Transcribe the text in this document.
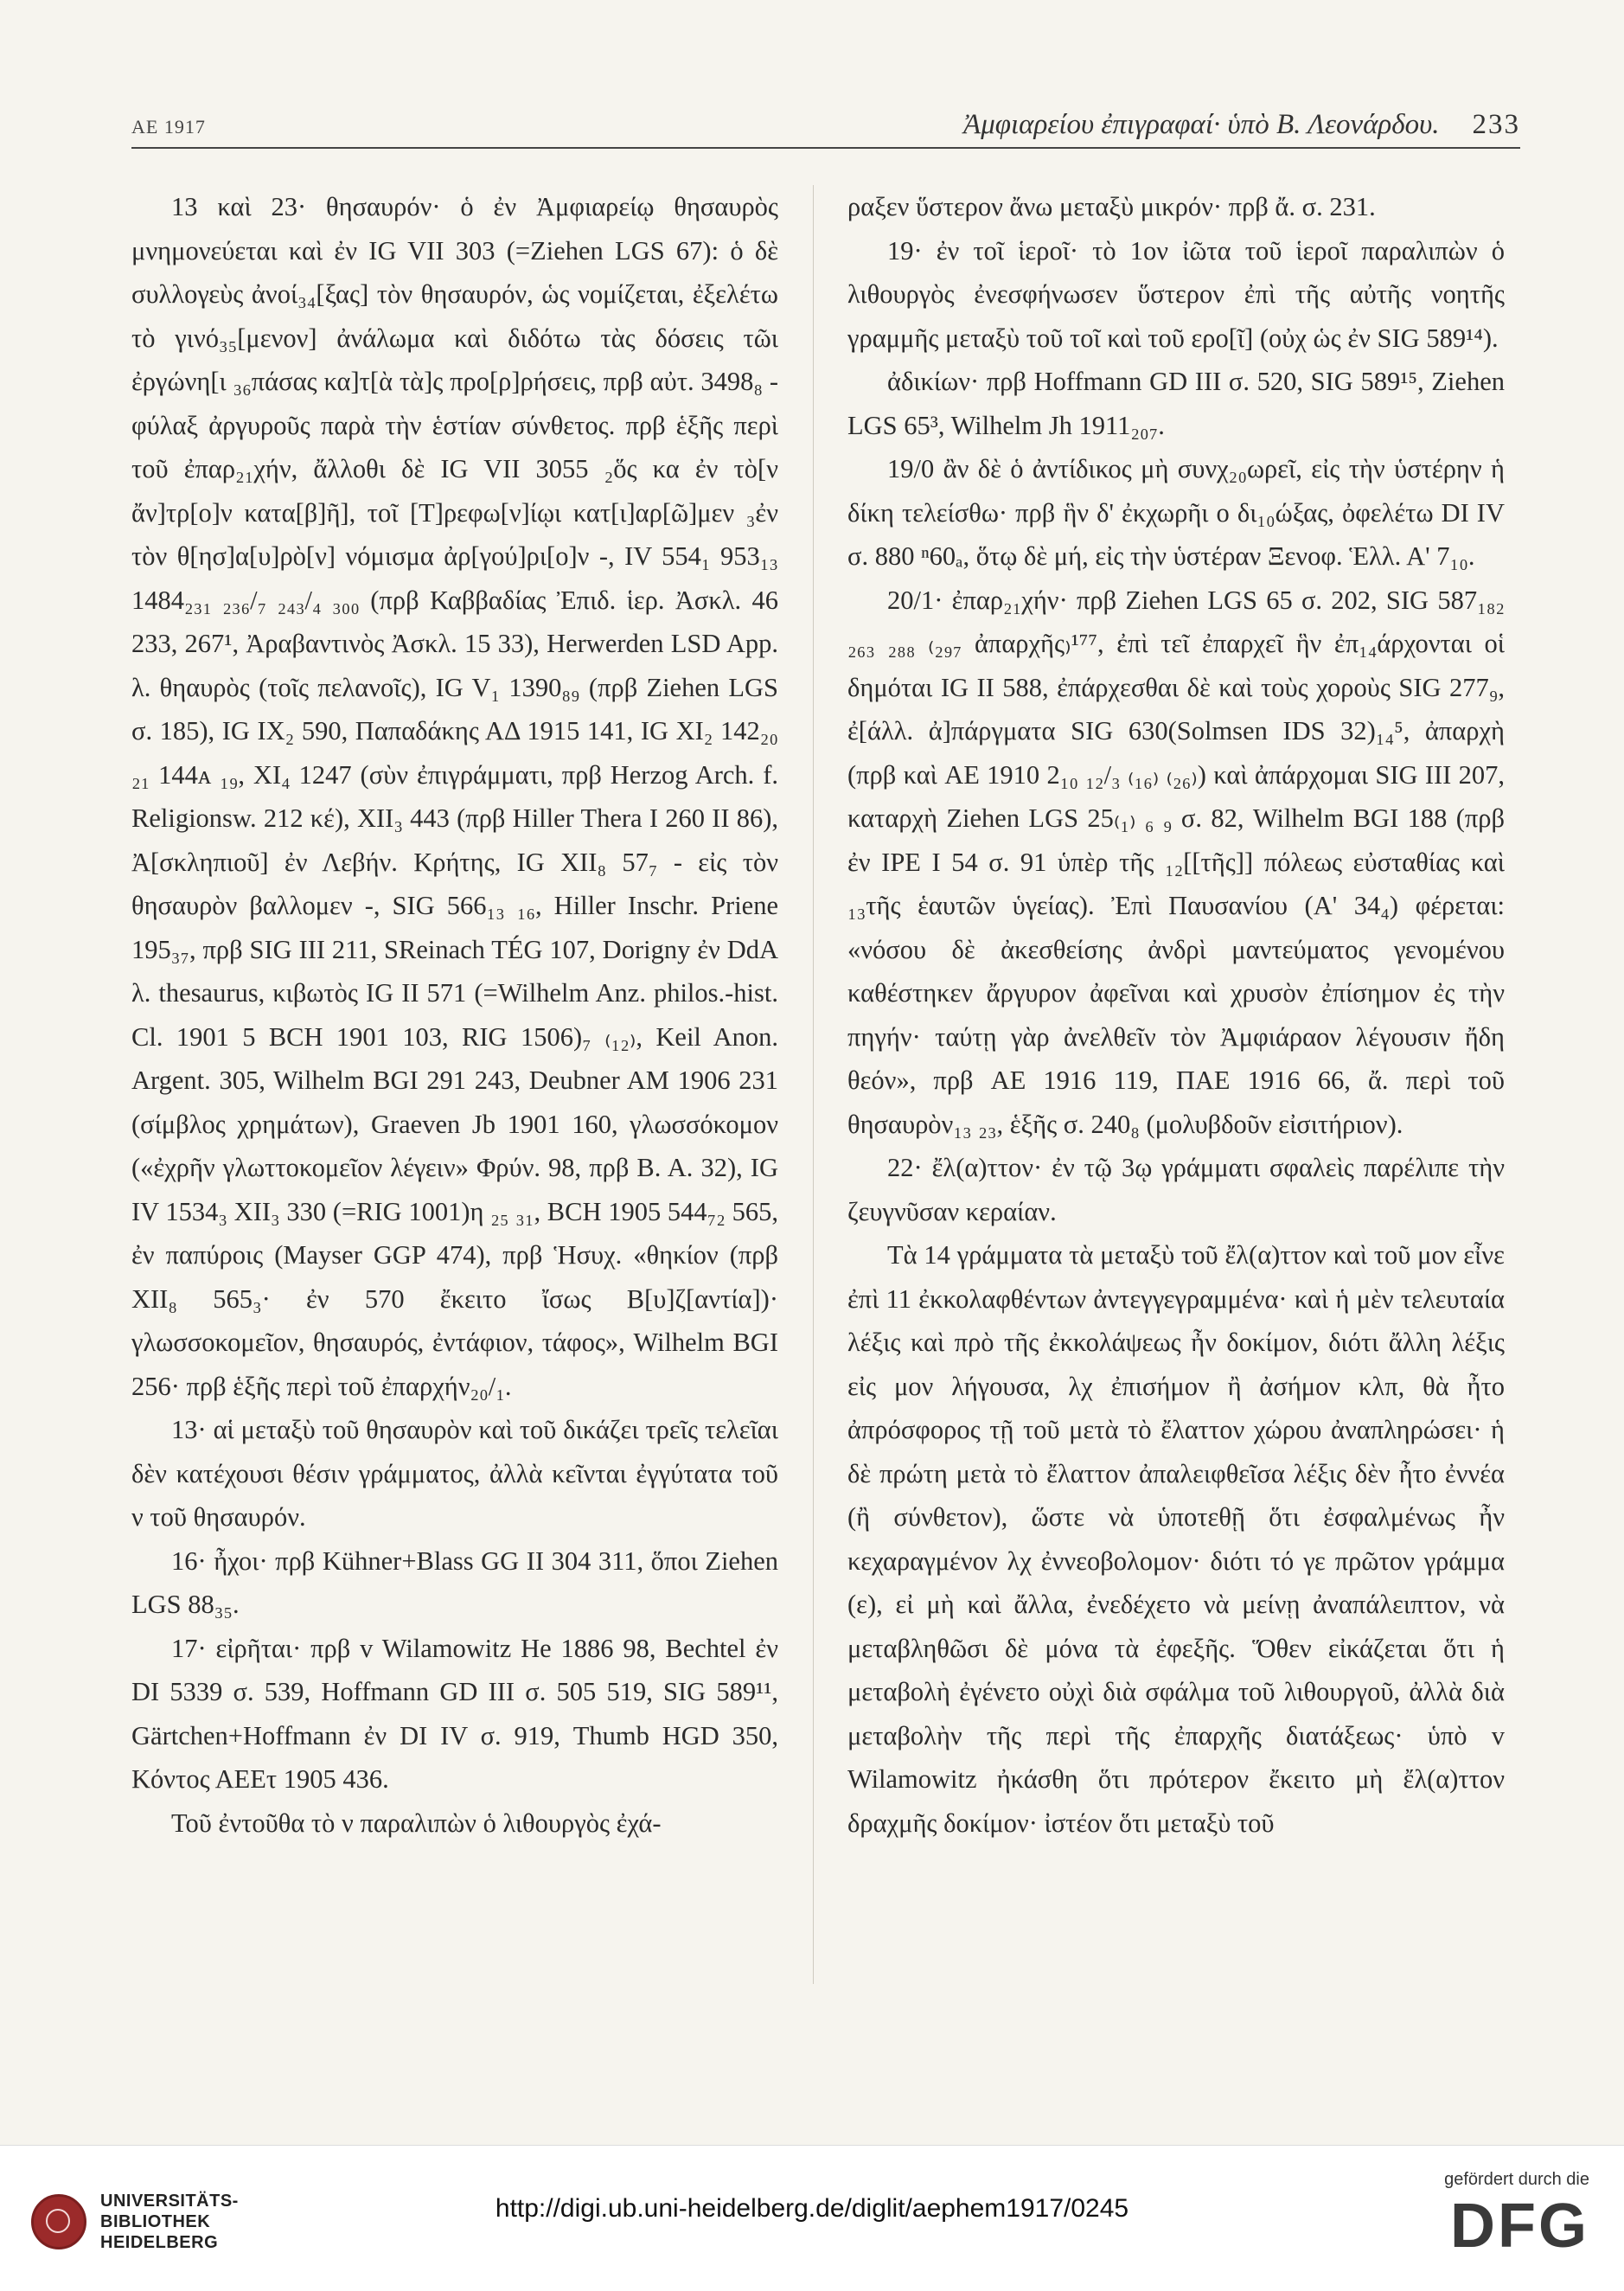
AE 1917	Ἀμφιαρείου ἐπιγραφαί· ὑπὸ Β. Λεονάρδου. 233

13 καὶ 23· θησαυρόν· ὁ ἐν Ἀμφιαρείῳ θησαυρὸς μνημονεύεται καὶ ἐν IG VII 303 (=Ziehen LGS 67): ὁ δὲ συλλογεὺς ἀνοί₃₄[ξας] τὸν θησαυρόν, ὡς νομίζεται, ἐξελέτω τὸ γινό₃₅[μενον] ἀνάλωμα καὶ διδότω τὰς δόσεις τῶι ἐργώνη[ι ₃₆πάσας κα]τ[ὰ τὰ]ς προ[ρ]ρήσεις, πρβ αὐτ. 3498₈ - φύλαξ ἀργυροῦς παρὰ τὴν ἑστίαν σύνθετος. πρβ ἑξῆς περὶ τοῦ ἐπαρ₂₁χήν, ἄλλοθι δὲ IG VII 3055 ₂ὅς κα ἐν τὸ[ν ἄν]τρ[ο]ν κατα[β]ῆ], τοῖ [Τ]ρεφω[ν]ίῳι κατ[ι]αρ[ῶ]μεν ₃ἐν τὸν θ[ησ]α[υ]ρὸ[ν] νόμισμα ἀρ[γού]ρι[ο]ν -, IV 554₁ 953₁₃ 1484₂₃₁ ₂₃₆/₇ ₂₄₃/₄ ₃₀₀ (πρβ Καββαδίας Ἐπιδ. ἱερ. Ἀσκλ. 46 233, 267¹, Ἀραβαντινὸς Ἀσκλ. 15 33), Herwerden LSD App. λ. θηαυρὸς (τοῖς πελανοῖς), IG V₁ 1390₈₉ (πρβ Ziehen LGS σ. 185), IG IX₂ 590, Παπαδάκης ΑΔ 1915 141, IG XI₂ 142₂₀ ₂₁ 144ᴀ ₁₉, XI₄ 1247 (σὺν ἐπιγράμματι, πρβ Herzog Arch. f. Religionsw. 212 κέ), XII₃ 443 (πρβ Hiller Thera I 260 II 86), Ἀ[σκληπιοῦ] ἐν Λεβήν. Κρήτης, IG XII₈ 57₇ - εἰς τὸν θησαυρὸν βαλλομεν -, SIG 566₁₃ ₁₆, Hiller Inschr. Priene 195₃₇, πρβ SIG III 211, SReinach TÉG 107, Dorigny ἐν DdA λ. thesaurus, κιβωτὸς IG II 571 (=Wilhelm Anz. philos.-hist. Cl. 1901 5 BCH 1901 103, RIG 1506)₇ ₍₁₂₎, Keil Anon. Argent. 305, Wilhelm BGI 291 243, Deubner AM 1906 231 (σίμβλος χρημάτων), Graeven Jb 1901 160, γλωσσόκομον («ἐχρῆν γλωττοκομεῖον λέγειν» Φρύν. 98, πρβ B. A. 32), IG IV 1534₃ XII₃ 330 (=RIG 1001)η ₂₅ ₃₁, BCH 1905 544₇₂ 565, ἐν παπύροις (Mayser GGP 474), πρβ Ἡσυχ. «θηκίον (πρβ XII₈ 565₃· ἐν 570 ἔκειτο ἴσως Β[υ]ζ[αντία])· γλωσσοκομεῖον, θησαυρός, ἐντάφιον, τάφος», Wilhelm BGI 256· πρβ ἑξῆς περὶ τοῦ ἐπαρχήν₂₀/₁.

13· αἱ μεταξὺ τοῦ θησαυρὸν καὶ τοῦ δικάζει τρεῖς τελεῖαι δὲν κατέχουσι θέσιν γράμματος, ἀλλὰ κεῖνται ἐγγύτατα τοῦ ν τοῦ θησαυρόν.

16· ἦχοι· πρβ Kühner+Blass GG II 304 311, ὅποι Ziehen LGS 88₃₅.

17· εἰρῆται· πρβ v Wilamowitz He 1886 98, Bechtel ἐν DI 5339 σ. 539, Hoffmann GD III σ. 505 519, SIG 589¹¹, Gärtchen+Hoffmann ἐν DI IV σ. 919, Thumb HGD 350, Κόντος ΑΕΕτ 1905 436.

Τοῦ ἐντοῦθα τὸ ν παραλιπὼν ὁ λιθουργὸς ἐχά-

ραξεν ὕστερον ἄνω μεταξὺ μικρόν· πρβ ἄ. σ. 231.

19· ἐν τοῖ ἱεροῖ· τὸ 1ον ἰῶτα τοῦ ἱεροῖ παραλιπὼν ὁ λιθουργὸς ἐνεσφήνωσεν ὕστερον ἐπὶ τῆς αὐτῆς νοητῆς γραμμῆς μεταξὺ τοῦ τοῖ καὶ τοῦ ερο[ῖ] (οὐχ ὡς ἐν SIG 589¹⁴).

ἀδικίων· πρβ Hoffmann GD III σ. 520, SIG 589¹⁵, Ziehen LGS 65³, Wilhelm Jh 1911₂₀₇.

19/0 ἂν δὲ ὁ ἀντίδικος μὴ συνχ₂₀ωρεῖ, εἰς τὴν ὑστέρην ἡ δίκη τελείσθω· πρβ ἣν δ' ἐκχωρῆι ο δι₁₀ώξας, ὀφελέτω DI IV σ. 880 ⁿ60ₐ, ὅτῳ δὲ μή, εἰς τὴν ὑστέραν Ξενοφ. Ἑλλ. Α' 7₁₀.

20/1· ἐπαρ₂₁χήν· πρβ Ziehen LGS 65 σ. 202, SIG 587₁₈₂ ₂₆₃ ₂₈₈ ₍₂₉₇ ἀπαρχῆς₎¹⁷⁷, ἐπὶ τεῖ ἐπαρχεῖ ἣν ἐπ₁₄άρχονται οἱ δημόται IG II 588, ἐπάρχεσθαι δὲ καὶ τοὺς χοροὺς SIG 277₉, ἐ[άλλ. ἀ]πάργματα SIG 630(Solmsen IDS 32)₁₄⁵, ἀπαρχὴ (πρβ καὶ AE 1910 2₁₀ ₁₂/₃ ₍₁₆₎ ₍₂₆₎) καὶ ἀπάρχομαι SIG III 207, καταρχὴ Ziehen LGS 25₍₁₎ ₆ ₉ σ. 82, Wilhelm BGI 188 (πρβ ἐν IPE I 54 σ. 91 ὑπὲρ τῆς ₁₂[[τῆς]] πόλεως εὐσταθίας καὶ ₁₃τῆς ἑαυτῶν ὑγείας). Ἐπὶ Παυσανίου (Α' 34₄) φέρεται: «νόσου δὲ ἀκεσθείσης ἀνδρὶ μαντεύματος γενομένου καθέστηκεν ἄργυρον ἀφεῖναι καὶ χρυσὸν ἐπίσημον ἐς τὴν πηγήν· ταύτῃ γὰρ ἀνελθεῖν τὸν Ἀμφιάραον λέγουσιν ἤδη θεόν», πρβ AE 1916 119, ΠΑΕ 1916 66, ἄ. περὶ τοῦ θησαυρὸν₁₃ ₂₃, ἑξῆς σ. 240₈ (μολυβδοῦν εἰσιτήριον).

22· ἔλ(α)ττον· ἐν τῷ 3ῳ γράμματι σφαλεὶς παρέλιπε τὴν ζευγνῦσαν κεραίαν.

Τὰ 14 γράμματα τὰ μεταξὺ τοῦ ἔλ(α)ττον καὶ τοῦ μον εἶνε ἐπὶ 11 ἐκκολαφθέντων ἀντεγγεγραμμένα· καὶ ἡ μὲν τελευταία λέξις καὶ πρὸ τῆς ἐκκολάψεως ἦν δοκίμον, διότι ἄλλη λέξις εἰς μον λήγουσα, λχ ἐπισήμον ἢ ἀσήμον κλπ, θὰ ἦτο ἀπρόσφορος τῇ τοῦ μετὰ τὸ ἔλαττον χώρου ἀναπληρώσει· ἡ δὲ πρώτη μετὰ τὸ ἔλαττον ἀπαλειφθεῖσα λέξις δὲν ἦτο ἐννέα (ἢ σύνθετον), ὥστε νὰ ὑποτεθῇ ὅτι ἐσφαλμένως ἦν κεχαραγμένον λχ ἐννεοβολομον· διότι τό γε πρῶτον γράμμα (ε), εἰ μὴ καὶ ἄλλα, ἐνεδέχετο νὰ μείνῃ ἀναπάλειπτον, νὰ μεταβληθῶσι δὲ μόνα τὰ ἐφεξῆς. Ὅθεν εἰκάζεται ὅτι ἡ μεταβολὴ ἐγένετο οὐχὶ διὰ σφάλμα τοῦ λιθουργοῦ, ἀλλὰ διὰ μεταβολὴν τῆς περὶ τῆς ἐπαρχῆς διατάξεως· ὑπὸ v Wilamowitz ἠκάσθη ὅτι πρότερον ἔκειτο μὴ ἔλ(α)ττον δραχμῆς δοκίμον· ἰστέον ὅτι μεταξὺ τοῦ

UNIVERSITÄTS-
BIBLIOTHEK
HEIDELBERG
http://digi.ub.uni-heidelberg.de/diglit/aephem1917/0245
gefördert durch die
DFG
